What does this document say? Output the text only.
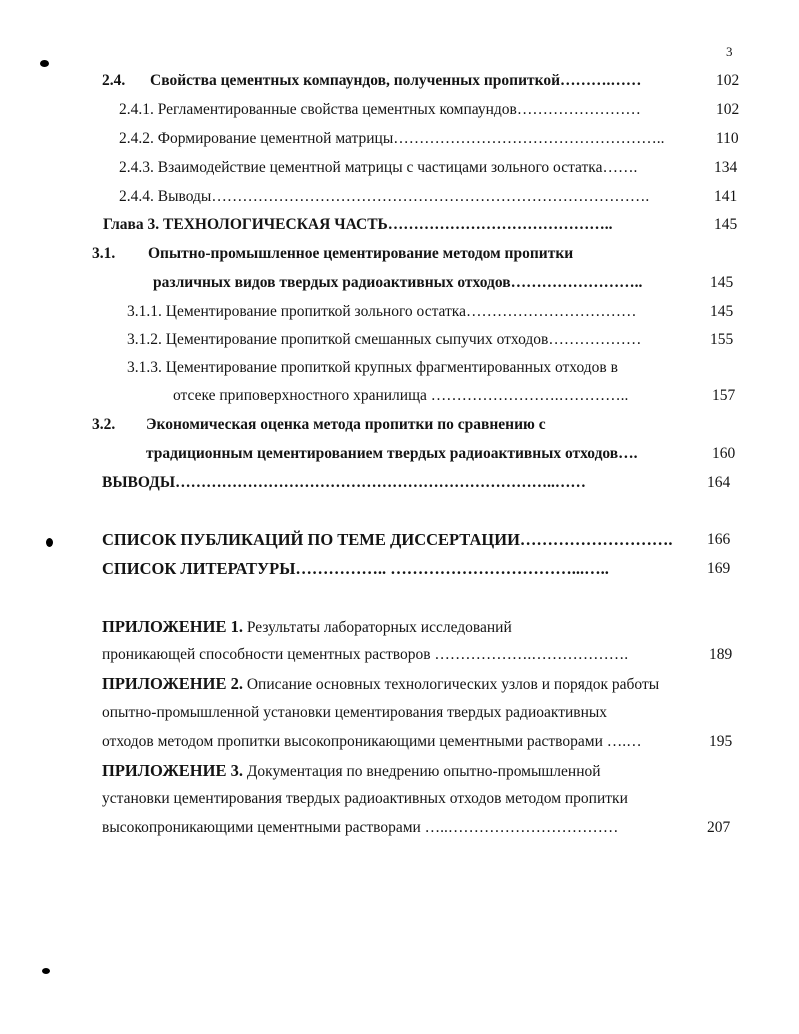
3
2.4. Свойства цементных компаундов, полученных пропиткой……….……	102
2.4.1. Регламентированные свойства цементных компаундов……………………	102
2.4.2. Формирование цементной матрицы……………………………………………..	110
2.4.3. Взаимодействие цементной матрицы с частицами зольного остатка…….	134
2.4.4. Выводы………………………………………………………………………….	141
Глава 3. ТЕХНОЛОГИЧЕСКАЯ ЧАСТЬ……………………………………..	145
3.1. Опытно-промышленное цементирование методом пропитки
различных видов твердых радиоактивных отходов……………………..	145
3.1.1. Цементирование пропиткой зольного остатка……………………………	145
3.1.2. Цементирование пропиткой смешанных сыпучих отходов………………	155
3.1.3. Цементирование пропиткой крупных фрагментированных отходов в
отсеке приповерхностного хранилища …………………….…………..	157
3.2. Экономическая оценка метода пропитки по сравнению с
традиционным цементированием твердых радиоактивных отходов….	160
ВЫВОДЫ………………………………………………………………..……	164
СПИСОК ПУБЛИКАЦИЙ ПО ТЕМЕ ДИССЕРТАЦИИ………………………. 166
СПИСОК ЛИТЕРАТУРЫ…………….. ……………………………...…..	169
ПРИЛОЖЕНИЕ 1. Результаты лабораторных исследований
проникающей способности цементных растворов ……………….……………….	189
ПРИЛОЖЕНИЕ 2. Описание основных технологических узлов и порядок работы
опытно-промышленной установки цементирования твердых радиоактивных
отходов методом пропитки высокопроникающими цементными растворами ….…	195
ПРИЛОЖЕНИЕ 3. Документация по внедрению опытно-промышленной
установки цементирования твердых радиоактивных отходов методом пропитки
высокопроникающими цементными растворами …..……………………………	207
